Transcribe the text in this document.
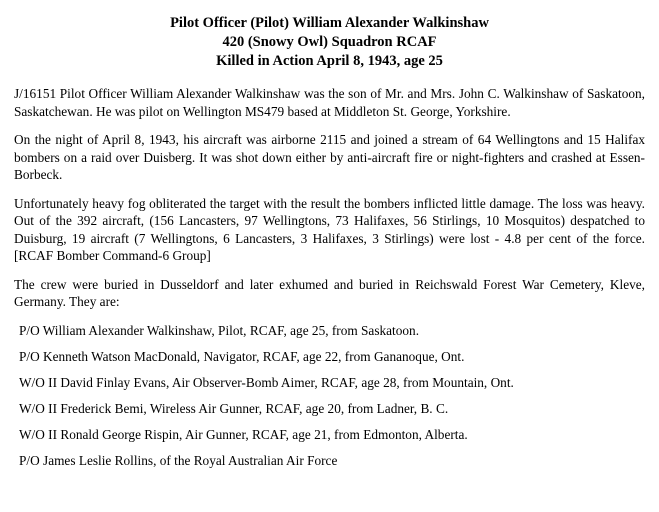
Pilot Officer (Pilot) William Alexander Walkinshaw
420 (Snowy Owl) Squadron RCAF
Killed in Action April 8, 1943, age 25

J/16151 Pilot Officer William Alexander Walkinshaw was the son of Mr. and Mrs. John C. Walkinshaw of Saskatoon, Saskatchewan. He was pilot on Wellington MS479 based at Middleton St. George, Yorkshire.

On the night of April 8, 1943, his aircraft was airborne 2115 and joined a stream of 64 Wellingtons and 15 Halifax bombers on a raid over Duisberg. It was shot down either by anti-aircraft fire or night-fighters and crashed at Essen-Borbeck.

Unfortunately heavy fog obliterated the target with the result the bombers inflicted little damage. The loss was heavy. Out of the 392 aircraft, (156 Lancasters, 97 Wellingtons, 73 Halifaxes, 56 Stirlings, 10 Mosquitos) despatched to Duisburg, 19 aircraft (7 Wellingtons, 6 Lancasters, 3 Halifaxes, 3 Stirlings) were lost - 4.8 per cent of the force. [RCAF Bomber Command-6 Group]

The crew were buried in Dusseldorf and later exhumed and buried in Reichswald Forest War Cemetery, Kleve, Germany. They are:

P/O William Alexander Walkinshaw, Pilot, RCAF, age 25, from Saskatoon.
P/O Kenneth Watson MacDonald, Navigator, RCAF, age 22, from Gananoque, Ont.
W/O II David Finlay Evans, Air Observer-Bomb Aimer, RCAF, age 28, from Mountain, Ont.
W/O II Frederick Bemi, Wireless Air Gunner, RCAF, age 20, from Ladner, B. C.
W/O II Ronald George Rispin, Air Gunner, RCAF, age 21, from Edmonton, Alberta.
P/O James Leslie Rollins, of the Royal Australian Air Force
